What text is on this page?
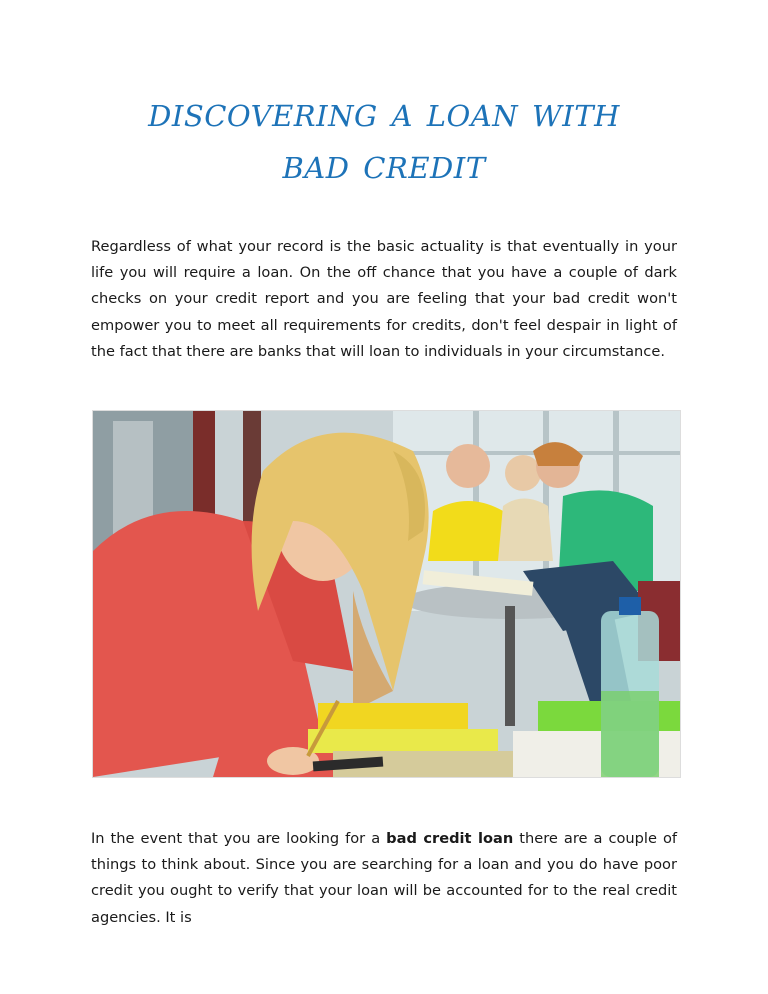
discovering a loan with
bad credit

Regardless of what your record is the basic actuality is that eventually in your life you will require a loan. On the off chance that you have a couple of dark checks on your credit report and you are feeling that your bad credit won't empower you to meet all requirements for credits, don't feel despair in light of the fact that there are banks that will loan to individuals in your circumstance.

In the event that you are looking for a bad credit loan there are a couple of things to think about. Since you are searching for a loan and you do have poor credit you ought to verify that your loan will be accounted for to the real credit agencies. It is
